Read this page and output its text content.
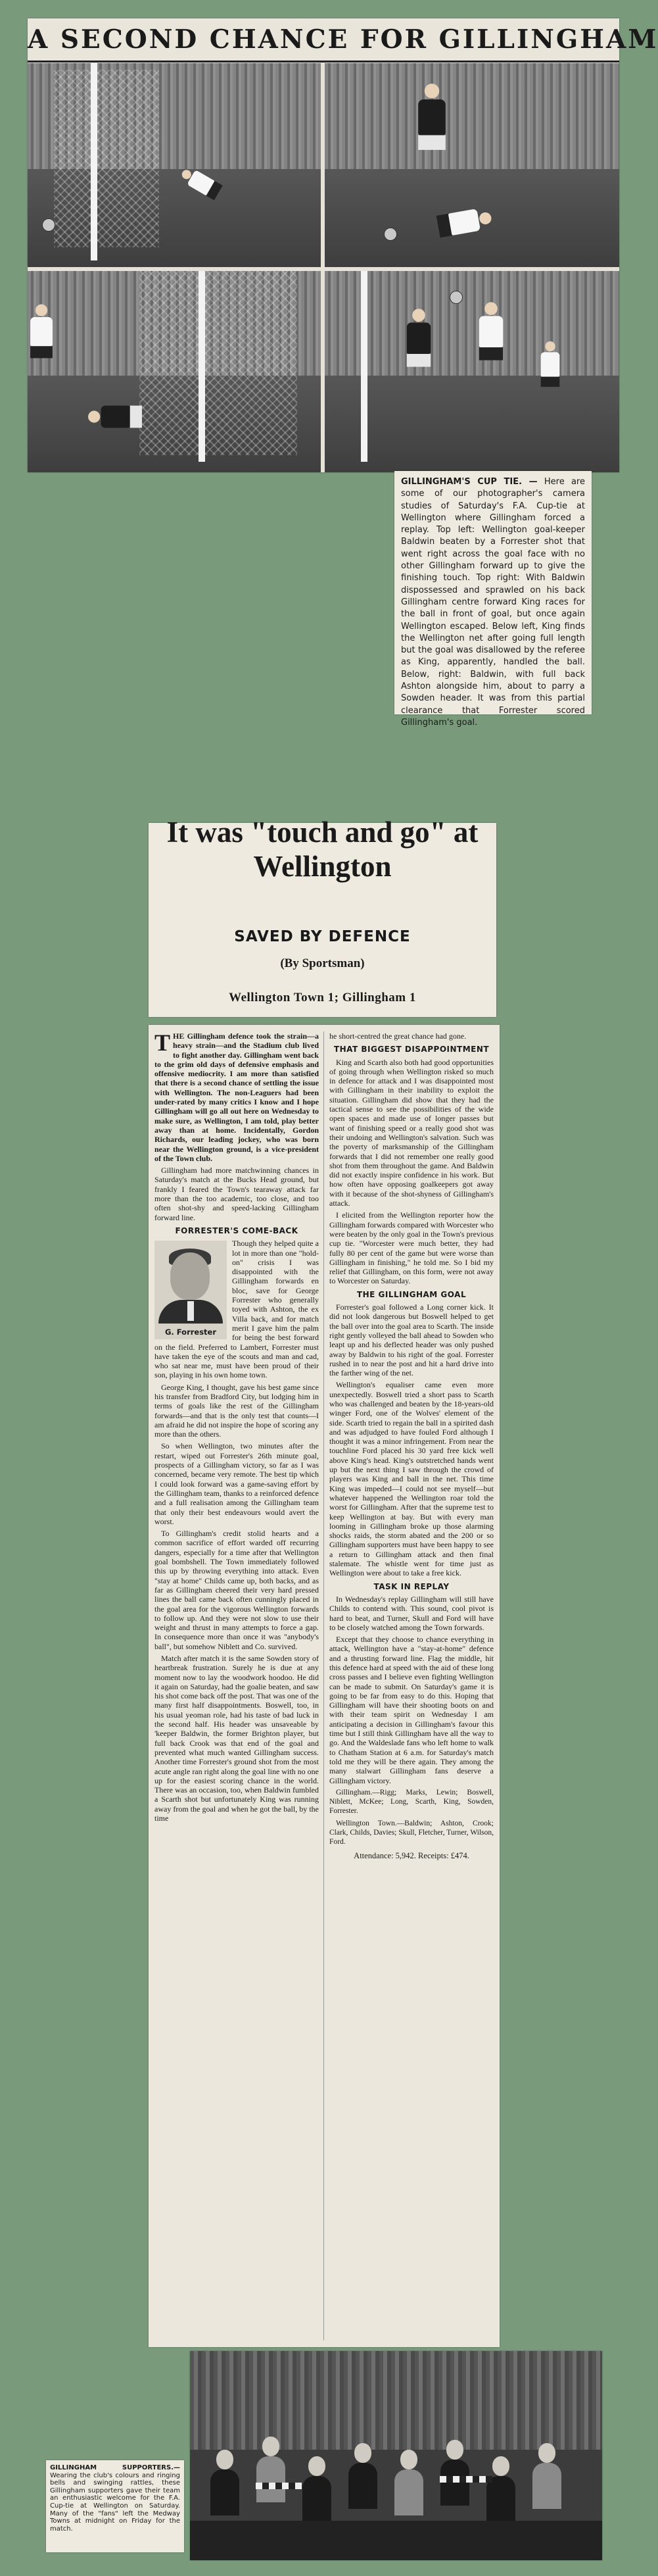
A SECOND CHANCE FOR GILLINGHAM
GILLINGHAM'S CUP TIE. — Here are some of our photographer's camera studies of Saturday's F.A. Cup-tie at Wellington where Gillingham forced a replay. Top left: Wellington goal-keeper Baldwin beaten by a Forrester shot that went right across the goal face with no other Gillingham forward up to give the finishing touch. Top right: With Baldwin dispossessed and sprawled on his back Gillingham centre forward King races for the ball in front of goal, but once again Wellington escaped. Below left, King finds the Wellington net after going full length but the goal was disallowed by the referee as King, apparently, handled the ball. Below, right: Baldwin, with full back Ashton alongside him, about to parry a Sowden header. It was from this partial clearance that Forrester scored Gillingham's goal.
It was "touch and go" at Wellington
SAVED BY DEFENCE
(By Sportsman)
Wellington Town 1; Gillingham 1

THE Gillingham defence took the strain—a heavy strain—and the Stadium club lived to fight another day. Gillingham went back to the grim old days of defensive emphasis and offensive mediocrity. I am more than satisfied that there is a second chance of settling the issue with Wellington. The non-Leaguers had been under-rated by many critics I know and I hope Gillingham will go all out here on Wednesday to make sure, as Wellington, I am told, play better away than at home. Incidentally, Gordon Richards, our leading jockey, who was born near the Wellington ground, is a vice-president of the Town club.

Gillingham had more matchwinning chances in Saturday's match at the Bucks Head ground, but frankly I feared the Town's tearaway attack far more than the too academic, too close, and too often shot-shy and speed-lacking Gillingham forward line.

FORRESTER'S COME-BACK
G. Forrester

Though they helped quite a lot in more than one "hold-on" crisis I was disappointed with the Gillingham forwards en bloc, save for George Forrester who generally toyed with Ashton, the ex Villa back, and for match merit I gave him the palm for being the best forward on the field. Preferred to Lambert, Forrester must have taken the eye of the scouts and man and cad, who sat near me, must have been proud of their son, playing in his own home town.

George King, I thought, gave his best game since his transfer from Bradford City, but lodging him in terms of goals like the rest of the Gillingham forwards—and that is the only test that counts—I am afraid he did not inspire the hope of scoring any more than the others.

So when Wellington, two minutes after the restart, wiped out Forrester's 26th minute goal, prospects of a Gillingham victory, so far as I was concerned, became very remote. The best tip which I could look forward was a game-saving effort by the Gillingham team, thanks to a reinforced defence and a full realisation among the Gillingham team that only their best endeavours would avert the worst.

To Gillingham's credit stolid hearts and a common sacrifice of effort warded off recurring dangers, especially for a time after that Wellington goal bombshell. The Town immediately followed this up by throwing everything into attack. Even "stay at home" Childs came up, both backs, and as far as Gillingham cheered their very hard pressed lines the ball came back often cunningly placed in the goal area for the vigorous Wellington forwards to follow up. And they were not slow to use their weight and thrust in many attempts to force a gap. In consequence more than once it was "anybody's ball", but somehow Niblett and Co. survived.

Match after match it is the same Sowden story of heartbreak frustration. Surely he is due at any moment now to lay the woodwork hoodoo. He did it again on Saturday, had the goalie beaten, and saw his shot come back off the post. That was one of the many first half disappointments. Boswell, too, in his usual yeoman role, had his taste of bad luck in the second half. His header was unsaveable by 'keeper Baldwin, the former Brighton player, but full back Crook was that end of the goal and prevented what much wanted Gillingham success. Another time Forrester's ground shot from the most acute angle ran right along the goal line with no one up for the easiest scoring chance in the world. There was an occasion, too, when Baldwin fumbled a Scarth shot but unfortunately King was running away from the goal and when he got the ball, by the time

he short-centred the great chance had gone.

THAT BIGGEST DISAPPOINTMENT

King and Scarth also both had good opportunities of going through when Wellington risked so much in defence for attack and I was disappointed most with Gillingham in their inability to exploit the situation. Gillingham did show that they had the tactical sense to see the possibilities of the wide open spaces and made use of longer passes but want of finishing speed or a really good shot was their undoing and Wellington's salvation. Such was the poverty of marksmanship of the Gillingham forwards that I did not remember one really good shot from them throughout the game. And Baldwin did not exactly inspire confidence in his work. But how often have opposing goalkeepers got away with it because of the shot-shyness of Gillingham's attack.

I elicited from the Wellington reporter how the Gillingham forwards compared with Worcester who were beaten by the only goal in the Town's previous cup tie. "Worcester were much better, they had fully 80 per cent of the game but were worse than Gillingham in finishing," he told me. So I bid my relief that Gillingham, on this form, were not away to Worcester on Saturday.

THE GILLINGHAM GOAL

Forrester's goal followed a Long corner kick. It did not look dangerous but Boswell helped to get the ball over into the goal area to Scarth. The inside right gently volleyed the ball ahead to Sowden who leapt up and his deflected header was only pushed away by Baldwin to his right of the goal. Forrester rushed in to near the post and hit a hard drive into the farther wing of the net.

Wellington's equaliser came even more unexpectedly. Boswell tried a short pass to Scarth who was challenged and beaten by the 18-years-old winger Ford, one of the Wolves' element of the side. Scarth tried to regain the ball in a spirited dash and was adjudged to have fouled Ford although I thought it was a minor infringement. From near the touchline Ford placed his 30 yard free kick well above King's head. King's outstretched hands went up but the next thing I saw through the crowd of players was King and ball in the net. This time King was impeded—I could not see myself—but whatever happened the Wellington roar told the worst for Gillingham. After that the supreme test to keep Wellington at bay. But with every man looming in Gillingham broke up those alarming shocks raids, the storm abated and the 200 or so Gillingham supporters must have been happy to see a return to Gillingham attack and then final stalemate. The whistle went for time just as Wellington were about to take a free kick.

TASK IN REPLAY

In Wednesday's replay Gillingham will still have Childs to contend with. This sound, cool pivot is hard to beat, and Turner, Skull and Ford will have to be closely watched among the Town forwards.

Except that they choose to chance everything in attack, Wellington have a "stay-at-home" defence and a thrusting forward line. Flag the middle, hit this defence hard at speed with the aid of these long cross passes and I believe even fighting Wellington can be made to submit. On Saturday's game it is going to be far from easy to do this. Hoping that Gillingham will have their shooting boots on and with their team spirit on Wednesday I am anticipating a decision in Gillingham's favour this time but I still think Gillingham have all the way to go. And the Waldeslade fans who left home to walk to Chatham Station at 6 a.m. for Saturday's match told me they will be there again. They among the many stalwart Gillingham fans deserve a Gillingham victory.

Gillingham.—Rigg; Marks, Lewin; Boswell, Niblett, McKee; Long, Scarth, King, Sowden, Forrester.

Wellington Town.—Baldwin; Ashton, Crook; Clark, Childs, Davies; Skull, Fletcher, Turner, Wilson, Ford.

Attendance: 5,942. Receipts: £474.
GILLINGHAM SUPPORTERS.— Wearing the club's colours and ringing bells and swinging rattles, these Gillingham supporters gave their team an enthusiastic welcome for the F.A. Cup-tie at Wellington on Saturday. Many of the "fans" left the Medway Towns at midnight on Friday for the match.
